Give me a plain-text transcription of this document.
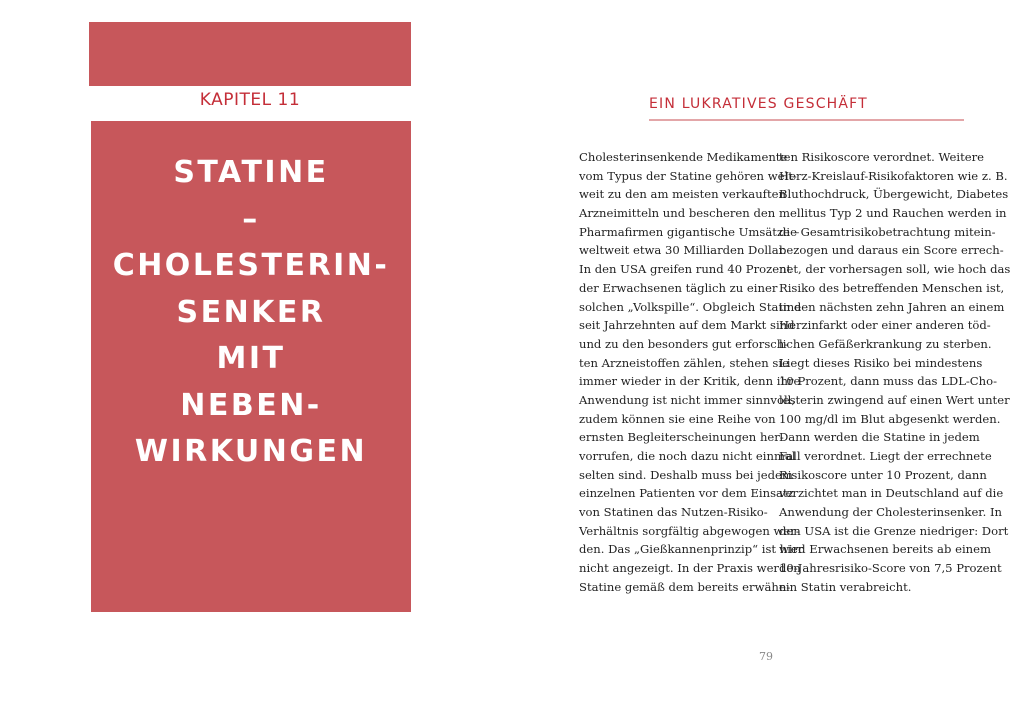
KAPITEL 11
STATINE
–
CHOLESTERIN-
SENKER
MIT
NEBEN-
WIRKUNGEN
EIN LUKRATIVES GESCHÄFT
Cholesterinsenkende Medikamente
vom Typus der Statine gehören welt-
weit zu den am meisten verkauften
Arzneimitteln und bescheren den
Pharmafirmen gigantische Umsätze –
weltweit etwa 30 Milliarden Dollar.
In den USA greifen rund 40 Prozent
der Erwachsenen täglich zu einer
solchen „Volkspille“. Obgleich Statine
seit Jahrzehnten auf dem Markt sind
und zu den besonders gut erforsch-
ten Arzneistoffen zählen, stehen sie
immer wieder in der Kritik, denn ihre
Anwendung ist nicht immer sinnvoll,
zudem können sie eine Reihe von
ernsten Begleiterscheinungen her-
vorrufen, die noch dazu nicht einmal
selten sind. Deshalb muss bei jedem
einzelnen Patienten vor dem Einsatz
von Statinen das Nutzen-Risiko-
Verhältnis sorgfältig abgewogen wer-
den. Das „Gießkannenprinzip“ ist hier
nicht angezeigt. In der Praxis werden
Statine gemäß dem bereits erwähn-
ten Risikoscore verordnet. Weitere
Herz-Kreislauf-Risikofaktoren wie z. B.
Bluthochdruck, Übergewicht, Diabetes
mellitus Typ 2 und Rauchen werden in
die Gesamtrisikobetrachtung mitein-
bezogen und daraus ein Score errech-
net, der vorhersagen soll, wie hoch das
Risiko des betreffenden Menschen ist,
in den nächsten zehn Jahren an einem
Herzinfarkt oder einer anderen töd-
lichen Gefäßerkrankung zu sterben.
Liegt dieses Risiko bei mindestens
10 Prozent, dann muss das LDL-Cho-
lesterin zwingend auf einen Wert unter
100 mg/dl im Blut abgesenkt werden.
Dann werden die Statine in jedem
Fall verordnet. Liegt der errechnete
Risikoscore unter 10 Prozent, dann
verzichtet man in Deutschland auf die
Anwendung der Cholesterinsenker. In
den USA ist die Grenze niedriger: Dort
wird Erwachsenen bereits ab einem
10-Jahresrisiko-Score von 7,5 Prozent
ein Statin verabreicht.
79
